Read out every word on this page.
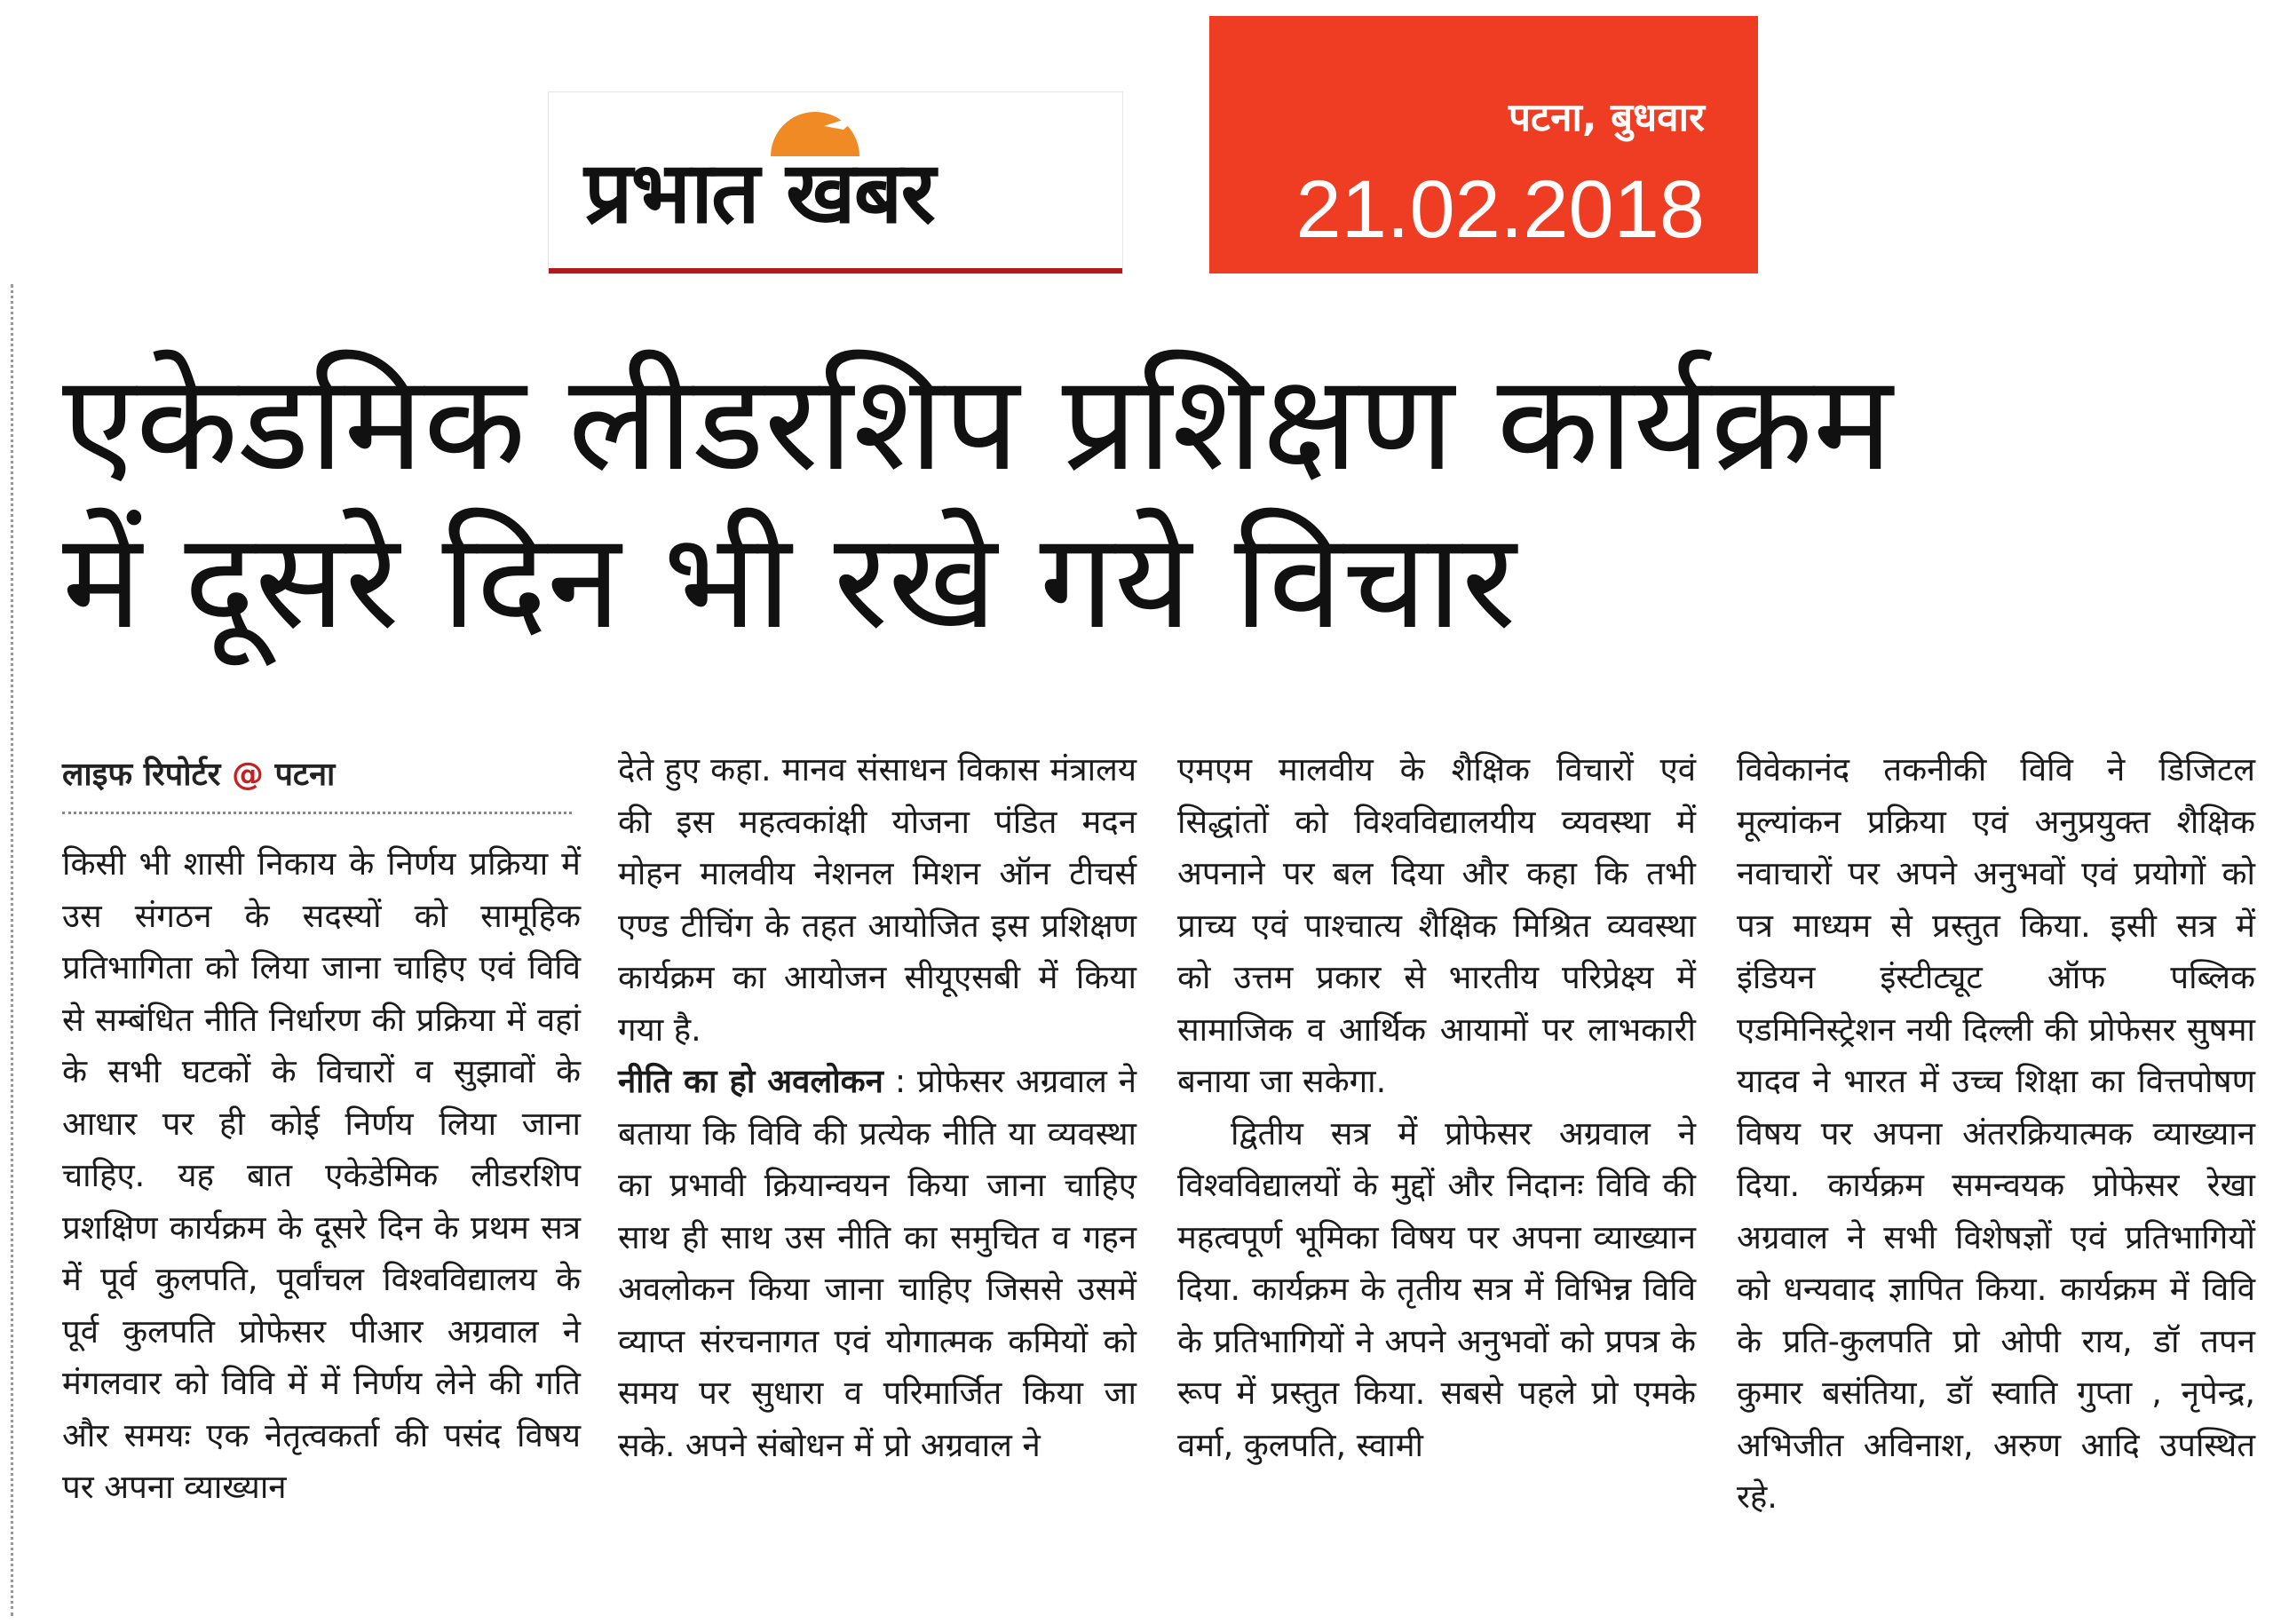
प्रभात खबर
पटना, बुधवार
21.02.2018
एकेडमिक लीडरशिप प्रशिक्षण कार्यक्रम
में दूसरे दिन भी रखे गये विचार
लाइफ रिपोर्टर @ पटना

किसी भी शासी निकाय के निर्णय प्रक्रिया में उस संगठन के सदस्यों को सामूहिक प्रतिभागिता को लिया जाना चाहिए एवं विवि से सम्बंधित नीति निर्धारण की प्रक्रिया में वहां के सभी घटकों के विचारों व सुझावों के आधार पर ही कोई निर्णय लिया जाना चाहिए. यह बात एकेडेमिक लीडरशिप प्रशक्षिण कार्यक्रम के दूसरे दिन के प्रथम सत्र में पूर्व कुलपति, पूर्वांचल विश्वविद्यालय के पूर्व कुलपति प्रोफेसर पीआर अग्रवाल ने मंगलवार को विवि में में निर्णय लेने की गति और समयः एक नेतृत्वकर्ता की पसंद विषय पर अपना व्याख्यान

देते हुए कहा. मानव संसाधन विकास मंत्रालय की इस महत्वकांक्षी योजना पंडित मदन मोहन मालवीय नेशनल मिशन ऑन टीचर्स एण्ड टीचिंग के तहत आयोजित इस प्रशिक्षण कार्यक्रम का आयोजन सीयूएसबी में किया गया है.

नीति का हो अवलोकन : प्रोफेसर अग्रवाल ने बताया कि विवि की प्रत्येक नीति या व्यवस्था का प्रभावी क्रियान्वयन किया जाना चाहिए साथ ही साथ उस नीति का समुचित व गहन अवलोकन किया जाना चाहिए जिससे उसमें व्याप्त संरचनागत एवं योगात्मक कमियों को समय पर सुधारा व परिमार्जित किया जा सके. अपने संबोधन में प्रो अग्रवाल ने

एमएम मालवीय के शैक्षिक विचारों एवं सिद्धांतों को विश्वविद्यालयीय व्यवस्था में अपनाने पर बल दिया और कहा कि तभी प्राच्य एवं पाश्चात्य शैक्षिक मिश्रित व्यवस्था को उत्तम प्रकार से भारतीय परिप्रेक्ष्य में सामाजिक व आर्थिक आयामों पर लाभकारी बनाया जा सकेगा.

द्वितीय सत्र में प्रोफेसर अग्रवाल ने विश्वविद्यालयों के मुद्दों और निदानः विवि की महत्वपूर्ण भूमिका विषय पर अपना व्याख्यान दिया. कार्यक्रम के तृतीय सत्र में विभिन्न विवि के प्रतिभागियों ने अपने अनुभवों को प्रपत्र के रूप में प्रस्तुत किया. सबसे पहले प्रो एमके वर्मा, कुलपति, स्वामी

विवेकानंद तकनीकी विवि ने डिजिटल मूल्यांकन प्रक्रिया एवं अनुप्रयुक्त शैक्षिक नवाचारों पर अपने अनुभवों एवं प्रयोगों को पत्र माध्यम से प्रस्तुत किया. इसी सत्र में इंडियन इंस्टीट्यूट ऑफ पब्लिक एडमिनिस्ट्रेशन नयी दिल्ली की प्रोफेसर सुषमा यादव ने भारत में उच्च शिक्षा का वित्तपोषण विषय पर अपना अंतरक्रियात्मक व्याख्यान दिया. कार्यक्रम समन्वयक प्रोफेसर रेखा अग्रवाल ने सभी विशेषज्ञों एवं प्रतिभागियों को धन्यवाद ज्ञापित किया. कार्यक्रम में विवि के प्रति-कुलपति प्रो ओपी राय, डॉ तपन कुमार बसंतिया, डॉ स्वाति गुप्ता , नृपेन्द्र, अभिजीत अविनाश, अरुण आदि उपस्थित रहे.
